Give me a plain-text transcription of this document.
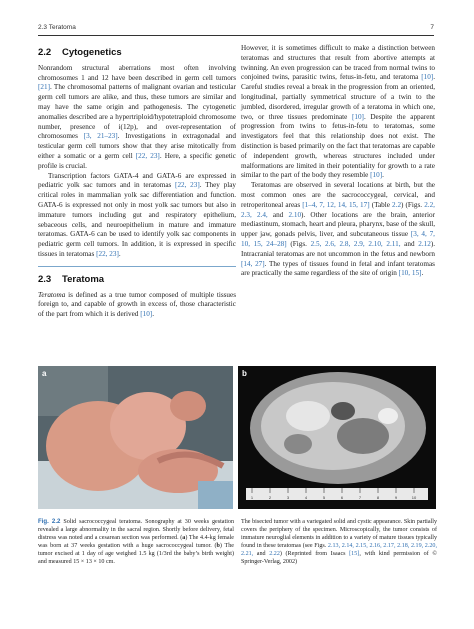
2.3 Teratoma	7
2.2 Cytogenetics

Nonrandom structural aberrations most often involving chromosomes 1 and 12 have been described in germ cell tumors [21]. The chromosomal patterns of malignant ovarian and testicular germ cell tumors are alike, and thus, these tumors are similar and may have the same origin and pathogenesis. The cytogenetic anomalies described are a hypertriploid/hypotetraploid chromosome number, presence of i(12p), and over-representation of chromosomes [3, 21–23]. Investigations in extragonadal and testicular germ cell tumors show that they arise mitotically from either a somatic or a germ cell [22, 23]. Here, a specific genetic profile is crucial.

Transcription factors GATA-4 and GATA-6 are expressed in pediatric yolk sac tumors and in teratomas [22, 23]. They play critical roles in mammalian yolk sac differentiation and function. GATA-6 is expressed not only in most yolk sac tumors but also in immature tumors including gut and respiratory epithelium, sebaceous cells, and neuroepithelium in mature and immature teratomas. GATA-6 can be used to identify yolk sac components in pediatric germ cell tumors. In addition, it is expressed in specific tissues in teratomas [22, 23].

2.3 Teratoma

Teratoma is defined as a true tumor composed of multiple tissues foreign to, and capable of growth in excess of, those characteristic of the part from which it is derived [10].

However, it is sometimes difficult to make a distinction between teratomas and structures that result from abortive attempts at twinning. An even progression can be traced from normal twins to conjoined twins, parasitic twins, fetus-in-fetu, and teratoma [10]. Careful studies reveal a break in the progression from an oriented, longitudinal, partially symmetrical structure of a twin to the jumbled, disordered, irregular growth of a teratoma in which one, two, or three tissues predominate [10]. Despite the apparent progression from twins to fetus-in-fetu to teratomas, some investigators feel that this relationship does not exist. The distinction is based primarily on the fact that teratomas are capable of independent growth, whereas structures included under malformations are limited in their potentiality for growth to a rate similar to the part of the body they resemble [10].

Teratomas are observed in several locations at birth, but the most common ones are the sacrococcygeal, cervical, and retroperitoneal areas [1–4, 7, 12, 14, 15, 17] (Table 2.2) (Figs. 2.2, 2.3, 2.4, and 2.10). Other locations are the brain, anterior mediastinum, stomach, heart and pleura, pharynx, base of the skull, upper jaw, gonads pelvis, liver, and subcutaneous tissue [3, 4, 7, 10, 15, 24–28] (Figs. 2.5, 2.6, 2.8, 2.9, 2.10, 2.11, and 2.12). Intracranial teratomas are not uncommon in the fetus and newborn [14, 27]. The types of tissues found in fetal and infant teratomas are practically the same regardless of the site of origin [10, 15].

a
1	2	3	4	5	6	7	8	9	10
b
Fig. 2.2 Solid sacrococcygeal teratoma. Sonography at 30 weeks gestation revealed a large abnormality in the sacral region. Shortly before delivery, fetal distress was noted and a cesarean section was performed. (a) The 4.4-kg female was born at 37 weeks gestation with a huge sacrococcygeal tumor. (b) The tumor excised at 1 day of age weighed 1.5 kg (1/3rd the baby’s birth weight) and measured 15 × 13 × 10 cm.
The bisected tumor with a variegated solid and cystic appearance. Skin partially covers the periphery of the specimen. Microscopically, the tumor consists of immature neuroglial elements in addition to a variety of mature tissues typically found in these teratomas (see Figs. 2.13, 2.14, 2.15, 2.16, 2.17, 2.18, 2.19, 2.20, 2.21, and 2.22) (Reprinted from Isaacs [15], with kind permission of © Springer-Verlag, 2002)
